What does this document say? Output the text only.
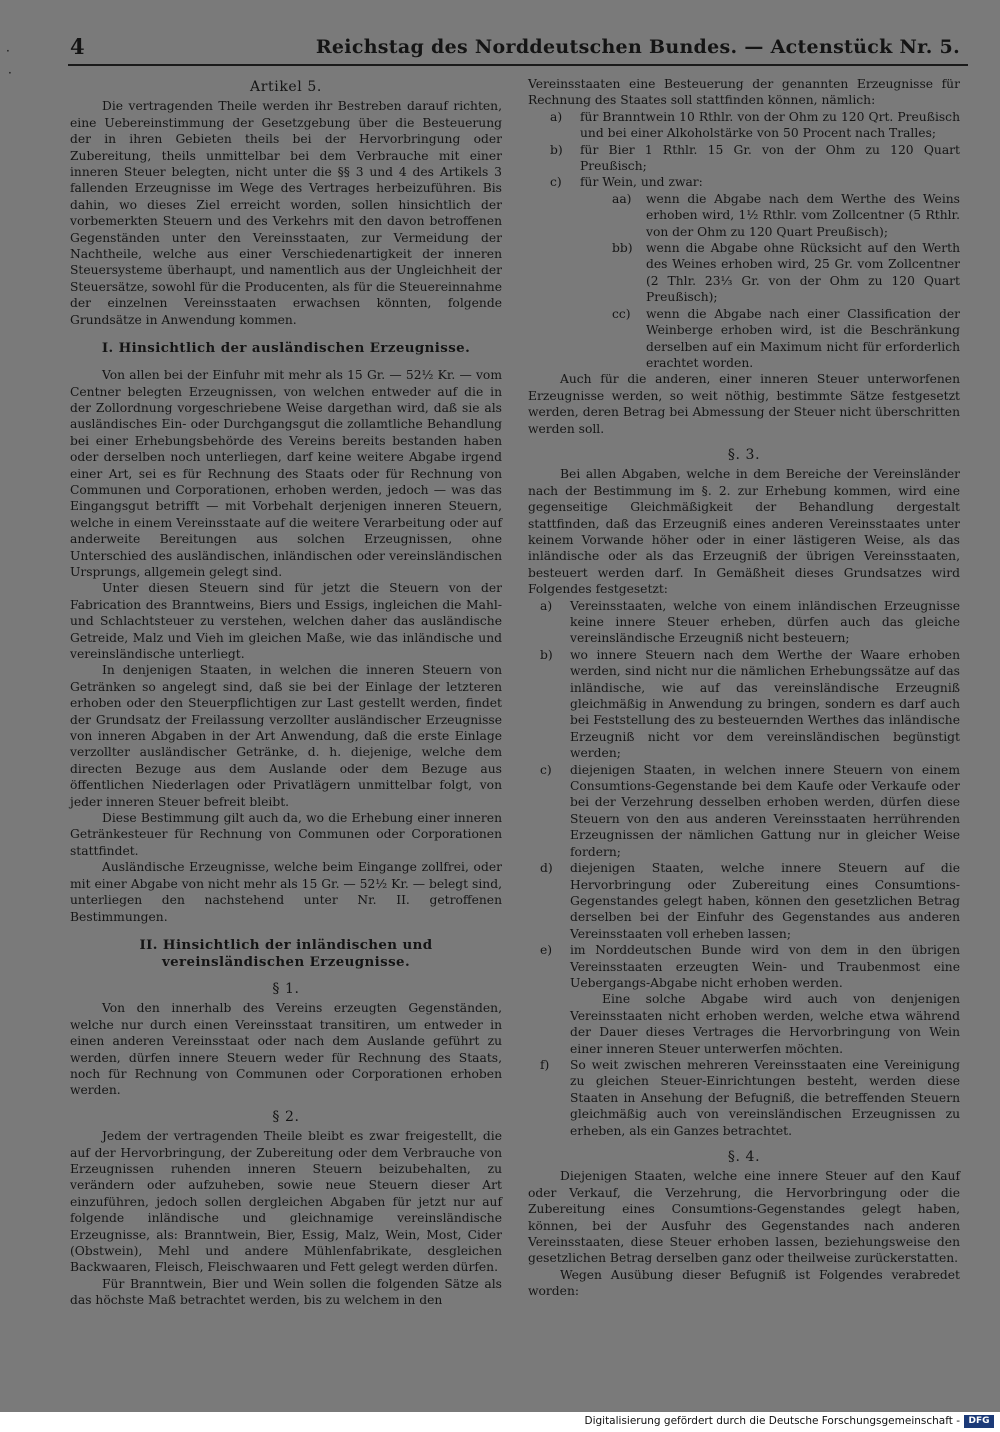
·
·
4	Reichstag des Norddeutschen Bundes. — Actenstück Nr. 5.
Artikel 5.

Die vertragenden Theile werden ihr Bestreben darauf richten, eine Uebereinstimmung der Gesetzgebung über die Besteuerung der in ihren Gebieten theils bei der Hervorbringung oder Zubereitung, theils unmittelbar bei dem Verbrauche mit einer inneren Steuer belegten, nicht unter die §§ 3 und 4 des Artikels 3 fallenden Erzeugnisse im Wege des Vertrages herbeizuführen. Bis dahin, wo dieses Ziel erreicht worden, sollen hinsichtlich der vorbemerkten Steuern und des Verkehrs mit den davon betroffenen Gegenständen unter den Vereinsstaaten, zur Vermeidung der Nachtheile, welche aus einer Verschiedenartigkeit der inneren Steuersysteme überhaupt, und namentlich aus der Ungleichheit der Steuersätze, sowohl für die Producenten, als für die Steuereinnahme der einzelnen Vereinsstaaten erwachsen könnten, folgende Grundsätze in Anwendung kommen.

I. Hinsichtlich der ausländischen Erzeugnisse.

Von allen bei der Einfuhr mit mehr als 15 Gr. — 52½ Kr. — vom Centner belegten Erzeugnissen, von welchen entweder auf die in der Zollordnung vorgeschriebene Weise dargethan wird, daß sie als ausländisches Ein- oder Durchgangsgut die zollamtliche Behandlung bei einer Erhebungsbehörde des Vereins bereits bestanden haben oder derselben noch unterliegen, darf keine weitere Abgabe irgend einer Art, sei es für Rechnung des Staats oder für Rechnung von Communen und Corporationen, erhoben werden, jedoch — was das Eingangsgut betrifft — mit Vorbehalt derjenigen inneren Steuern, welche in einem Vereinsstaate auf die weitere Verarbeitung oder auf anderweite Bereitungen aus solchen Erzeugnissen, ohne Unterschied des ausländischen, inländischen oder vereinsländischen Ursprungs, allgemein gelegt sind.

Unter diesen Steuern sind für jetzt die Steuern von der Fabrication des Branntweins, Biers und Essigs, ingleichen die Mahl- und Schlachtsteuer zu verstehen, welchen daher das ausländische Getreide, Malz und Vieh im gleichen Maße, wie das inländische und vereinsländische unterliegt.

In denjenigen Staaten, in welchen die inneren Steuern von Getränken so angelegt sind, daß sie bei der Einlage der letzteren erhoben oder den Steuerpflichtigen zur Last gestellt werden, findet der Grundsatz der Freilassung verzollter ausländischer Erzeugnisse von inneren Abgaben in der Art Anwendung, daß die erste Einlage verzollter ausländischer Getränke, d. h. diejenige, welche dem directen Bezuge aus dem Auslande oder dem Bezuge aus öffentlichen Niederlagen oder Privatlägern unmittelbar folgt, von jeder inneren Steuer befreit bleibt.

Diese Bestimmung gilt auch da, wo die Erhebung einer inneren Getränkesteuer für Rechnung von Communen oder Corporationen stattfindet.

Ausländische Erzeugnisse, welche beim Eingange zollfrei, oder mit einer Abgabe von nicht mehr als 15 Gr. — 52½ Kr. — belegt sind, unterliegen den nachstehend unter Nr. II. getroffenen Bestimmungen.

II. Hinsichtlich der inländischen und vereinsländischen Erzeugnisse.
§ 1.

Von den innerhalb des Vereins erzeugten Gegenständen, welche nur durch einen Vereinsstaat transitiren, um entweder in einen anderen Vereinsstaat oder nach dem Auslande geführt zu werden, dürfen innere Steuern weder für Rechnung des Staats, noch für Rechnung von Communen oder Corporationen erhoben werden.

§ 2.

Jedem der vertragenden Theile bleibt es zwar freigestellt, die auf der Hervorbringung, der Zubereitung oder dem Verbrauche von Erzeugnissen ruhenden inneren Steuern beizubehalten, zu verändern oder aufzuheben, sowie neue Steuern dieser Art einzuführen, jedoch sollen dergleichen Abgaben für jetzt nur auf folgende inländische und gleichnamige vereinsländische Erzeugnisse, als: Branntwein, Bier, Essig, Malz, Wein, Most, Cider (Obstwein), Mehl und andere Mühlenfabrikate, desgleichen Backwaaren, Fleisch, Fleischwaaren und Fett gelegt werden dürfen.

Für Branntwein, Bier und Wein sollen die folgenden Sätze als das höchste Maß betrachtet werden, bis zu welchem in den

Vereinsstaaten eine Besteuerung der genannten Erzeugnisse für Rechnung des Staates soll stattfinden können, nämlich:

a) für Branntwein 10 Rthlr. von der Ohm zu 120 Qrt. Preußisch und bei einer Alkoholstärke von 50 Procent nach Tralles;
b) für Bier 1 Rthlr. 15 Gr. von der Ohm zu 120 Quart Preußisch;
c) für Wein, und zwar:
aa) wenn die Abgabe nach dem Werthe des Weins erhoben wird, 1½ Rthlr. vom Zollcentner (5 Rthlr. von der Ohm zu 120 Quart Preußisch);
bb) wenn die Abgabe ohne Rücksicht auf den Werth des Weines erhoben wird, 25 Gr. vom Zollcentner (2 Thlr. 23⅓ Gr. von der Ohm zu 120 Quart Preußisch);
cc) wenn die Abgabe nach einer Classification der Weinberge erhoben wird, ist die Beschränkung derselben auf ein Maximum nicht für erforderlich erachtet worden.

Auch für die anderen, einer inneren Steuer unterworfenen Erzeugnisse werden, so weit nöthig, bestimmte Sätze festgesetzt werden, deren Betrag bei Abmessung der Steuer nicht überschritten werden soll.

§. 3.

Bei allen Abgaben, welche in dem Bereiche der Vereinsländer nach der Bestimmung im §. 2. zur Erhebung kommen, wird eine gegenseitige Gleichmäßigkeit der Behandlung dergestalt stattfinden, daß das Erzeugniß eines anderen Vereinsstaates unter keinem Vorwande höher oder in einer lästigeren Weise, als das inländische oder als das Erzeugniß der übrigen Vereinsstaaten, besteuert werden darf. In Gemäßheit dieses Grundsatzes wird Folgendes festgesetzt:

a) Vereinsstaaten, welche von einem inländischen Erzeugnisse keine innere Steuer erheben, dürfen auch das gleiche vereinsländische Erzeugniß nicht besteuern;
b) wo innere Steuern nach dem Werthe der Waare erhoben werden, sind nicht nur die nämlichen Erhebungssätze auf das inländische, wie auf das vereinsländische Erzeugniß gleichmäßig in Anwendung zu bringen, sondern es darf auch bei Feststellung des zu besteuernden Werthes das inländische Erzeugniß nicht vor dem vereinsländischen begünstigt werden;
c) diejenigen Staaten, in welchen innere Steuern von einem Consumtions-Gegenstande bei dem Kaufe oder Verkaufe oder bei der Verzehrung desselben erhoben werden, dürfen diese Steuern von den aus anderen Vereinsstaaten herrührenden Erzeugnissen der nämlichen Gattung nur in gleicher Weise fordern;
d) diejenigen Staaten, welche innere Steuern auf die Hervorbringung oder Zubereitung eines Consumtions-Gegenstandes gelegt haben, können den gesetzlichen Betrag derselben bei der Einfuhr des Gegenstandes aus anderen Vereinsstaaten voll erheben lassen;
e) im Norddeutschen Bunde wird von dem in den übrigen Vereinsstaaten erzeugten Wein- und Traubenmost eine Uebergangs-Abgabe nicht erhoben werden.
Eine solche Abgabe wird auch von denjenigen Vereinsstaaten nicht erhoben werden, welche etwa während der Dauer dieses Vertrages die Hervorbringung von Wein einer inneren Steuer unterwerfen möchten.
f) So weit zwischen mehreren Vereinsstaaten eine Vereinigung zu gleichen Steuer-Einrichtungen besteht, werden diese Staaten in Ansehung der Befugniß, die betreffenden Steuern gleichmäßig auch von vereinsländischen Erzeugnissen zu erheben, als ein Ganzes betrachtet.
§. 4.

Diejenigen Staaten, welche eine innere Steuer auf den Kauf oder Verkauf, die Verzehrung, die Hervorbringung oder die Zubereitung eines Consumtions-Gegenstandes gelegt haben, können, bei der Ausfuhr des Gegenstandes nach anderen Vereinsstaaten, diese Steuer erhoben lassen, beziehungsweise den gesetzlichen Betrag derselben ganz oder theilweise zurückerstatten.

Wegen Ausübung dieser Befugniß ist Folgendes verabredet worden:

Digitalisierung gefördert durch die Deutsche Forschungsgemeinschaft - DFG
